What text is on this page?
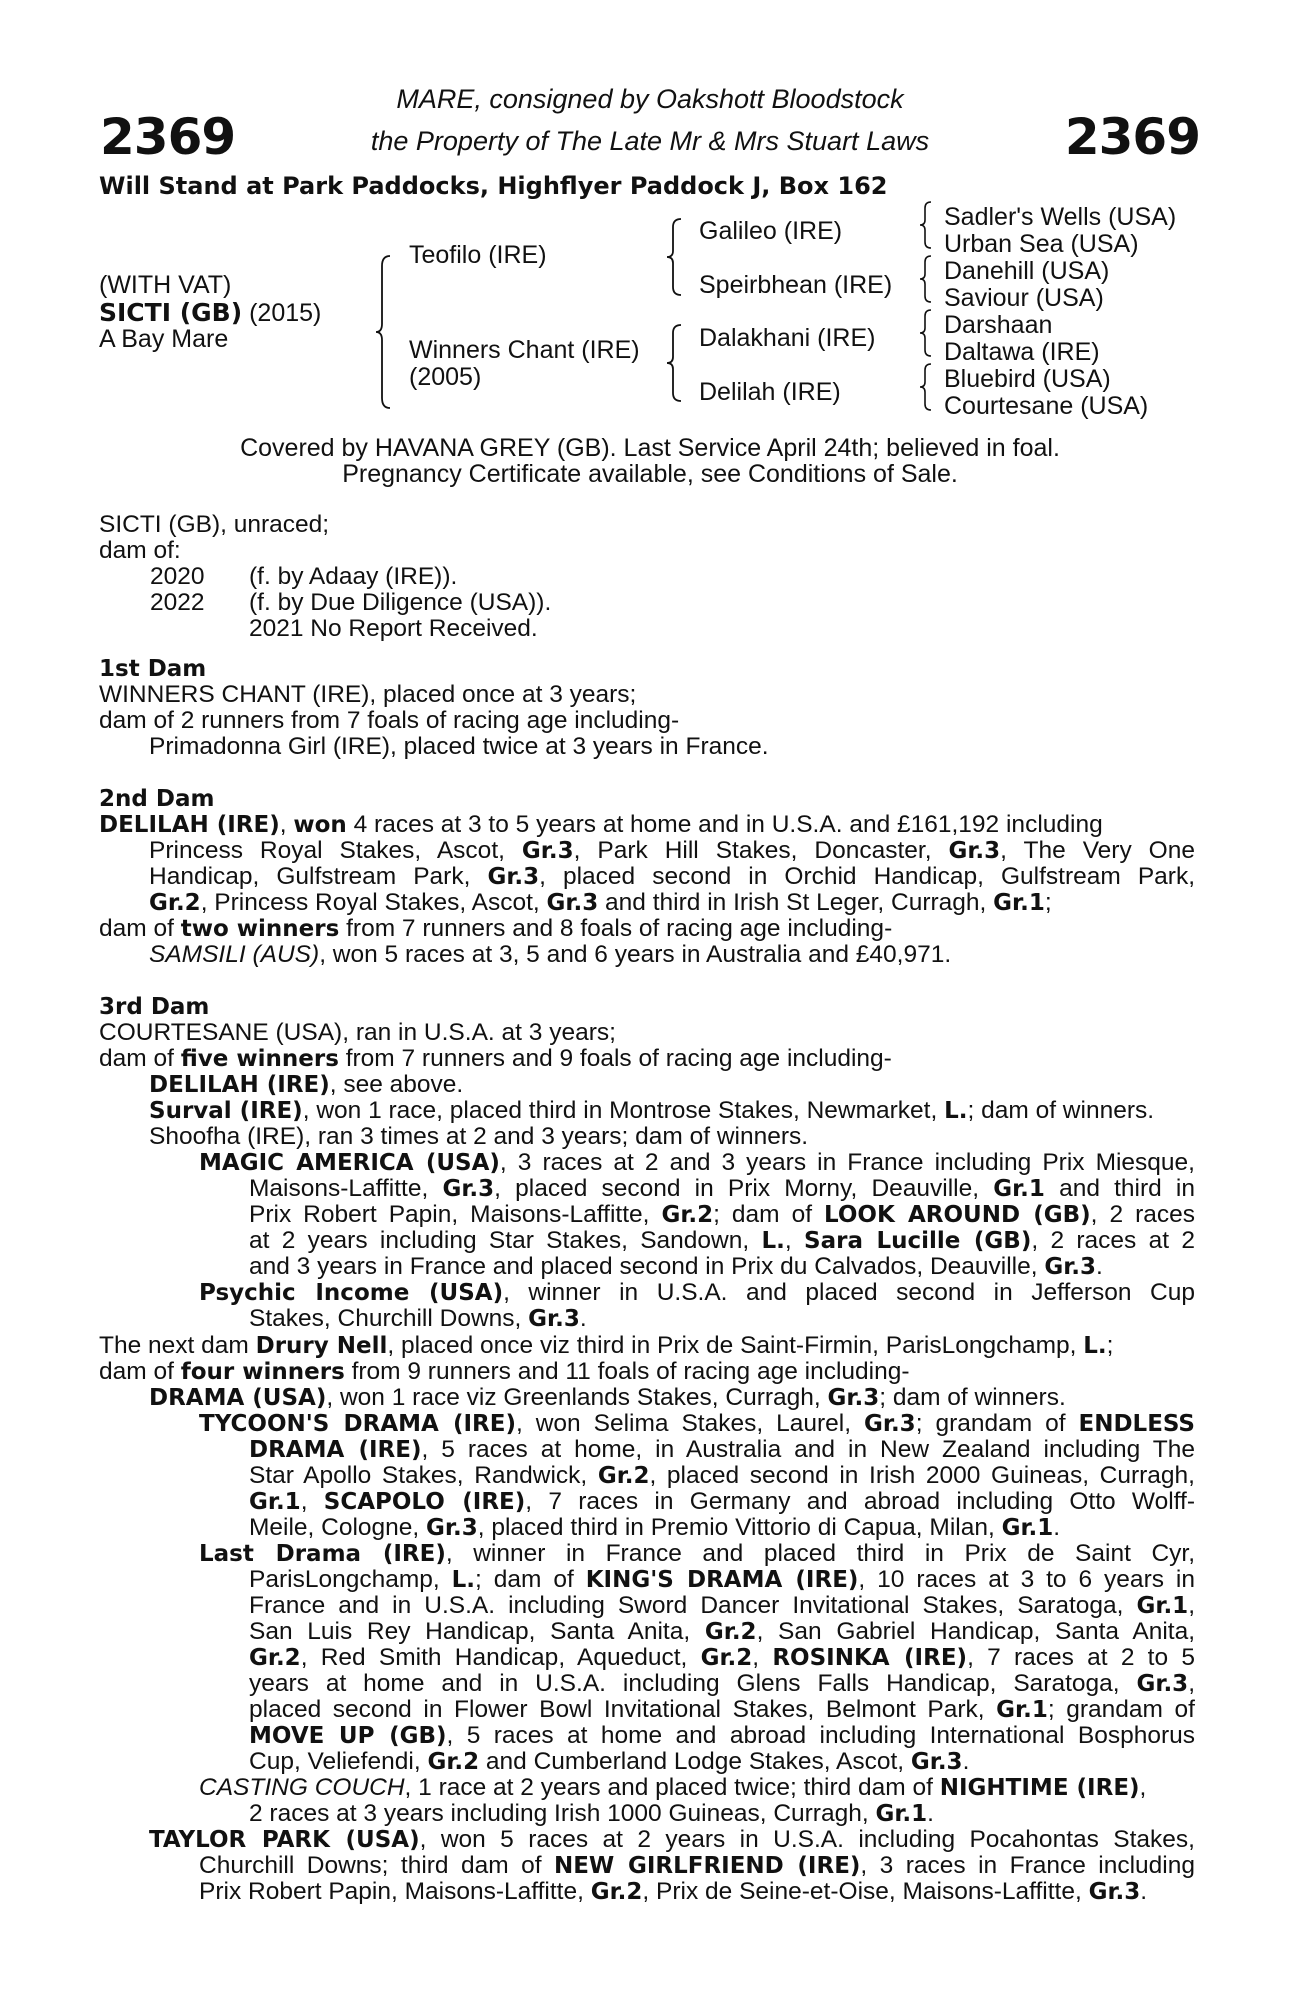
2369	2369
MARE, consigned by Oakshott Bloodstock
the Property of The Late Mr & Mrs Stuart Laws
Will Stand at Park Paddocks, Highflyer Paddock J, Box 162
(WITH VAT)
SICTI (GB) (2015)
A Bay Mare
Teofilo (IRE)
Winners Chant (IRE)
(2005)
Galileo (IRE)
Speirbhean (IRE)
Dalakhani (IRE)
Delilah (IRE)
Sadler's Wells (USA)
Urban Sea (USA)
Danehill (USA)
Saviour (USA)
Darshaan
Daltawa (IRE)
Bluebird (USA)
Courtesane (USA)
Covered by HAVANA GREY (GB). Last Service April 24th; believed in foal.
Pregnancy Certificate available, see Conditions of Sale.
SICTI (GB), unraced;
dam of:
2020 (f. by Adaay (IRE)).
2022 (f. by Due Diligence (USA)).
2021 No Report Received.
1st Dam
WINNERS CHANT (IRE), placed once at 3 years;
dam of 2 runners from 7 foals of racing age including-
Primadonna Girl (IRE), placed twice at 3 years in France.
2nd Dam
DELILAH (IRE), won 4 races at 3 to 5 years at home and in U.S.A. and £161,192 including
Princess Royal Stakes, Ascot, Gr.3, Park Hill Stakes, Doncaster, Gr.3, The Very One
Handicap, Gulfstream Park, Gr.3, placed second in Orchid Handicap, Gulfstream Park,
Gr.2, Princess Royal Stakes, Ascot, Gr.3 and third in Irish St Leger, Curragh, Gr.1;
dam of two winners from 7 runners and 8 foals of racing age including-
SAMSILI (AUS), won 5 races at 3, 5 and 6 years in Australia and £40,971.
3rd Dam
COURTESANE (USA), ran in U.S.A. at 3 years;
dam of five winners from 7 runners and 9 foals of racing age including-
DELILAH (IRE), see above.
Surval (IRE), won 1 race, placed third in Montrose Stakes, Newmarket, L.; dam of winners.
Shoofha (IRE), ran 3 times at 2 and 3 years; dam of winners.
MAGIC AMERICA (USA), 3 races at 2 and 3 years in France including Prix Miesque,
Maisons-Laffitte, Gr.3, placed second in Prix Morny, Deauville, Gr.1 and third in
Prix Robert Papin, Maisons-Laffitte, Gr.2; dam of LOOK AROUND (GB), 2 races
at 2 years including Star Stakes, Sandown, L., Sara Lucille (GB), 2 races at 2
and 3 years in France and placed second in Prix du Calvados, Deauville, Gr.3.
Psychic Income (USA), winner in U.S.A. and placed second in Jefferson Cup
Stakes, Churchill Downs, Gr.3.
The next dam Drury Nell, placed once viz third in Prix de Saint-Firmin, ParisLongchamp, L.;
dam of four winners from 9 runners and 11 foals of racing age including-
DRAMA (USA), won 1 race viz Greenlands Stakes, Curragh, Gr.3; dam of winners.
TYCOON'S DRAMA (IRE), won Selima Stakes, Laurel, Gr.3; grandam of ENDLESS
DRAMA (IRE), 5 races at home, in Australia and in New Zealand including The
Star Apollo Stakes, Randwick, Gr.2, placed second in Irish 2000 Guineas, Curragh,
Gr.1, SCAPOLO (IRE), 7 races in Germany and abroad including Otto Wolff-
Meile, Cologne, Gr.3, placed third in Premio Vittorio di Capua, Milan, Gr.1.
Last Drama (IRE), winner in France and placed third in Prix de Saint Cyr,
ParisLongchamp, L.; dam of KING'S DRAMA (IRE), 10 races at 3 to 6 years in
France and in U.S.A. including Sword Dancer Invitational Stakes, Saratoga, Gr.1,
San Luis Rey Handicap, Santa Anita, Gr.2, San Gabriel Handicap, Santa Anita,
Gr.2, Red Smith Handicap, Aqueduct, Gr.2, ROSINKA (IRE), 7 races at 2 to 5
years at home and in U.S.A. including Glens Falls Handicap, Saratoga, Gr.3,
placed second in Flower Bowl Invitational Stakes, Belmont Park, Gr.1; grandam of
MOVE UP (GB), 5 races at home and abroad including International Bosphorus
Cup, Veliefendi, Gr.2 and Cumberland Lodge Stakes, Ascot, Gr.3.
CASTING COUCH, 1 race at 2 years and placed twice; third dam of NIGHTIME (IRE),
2 races at 3 years including Irish 1000 Guineas, Curragh, Gr.1.
TAYLOR PARK (USA), won 5 races at 2 years in U.S.A. including Pocahontas Stakes,
Churchill Downs; third dam of NEW GIRLFRIEND (IRE), 3 races in France including
Prix Robert Papin, Maisons-Laffitte, Gr.2, Prix de Seine-et-Oise, Maisons-Laffitte, Gr.3.
